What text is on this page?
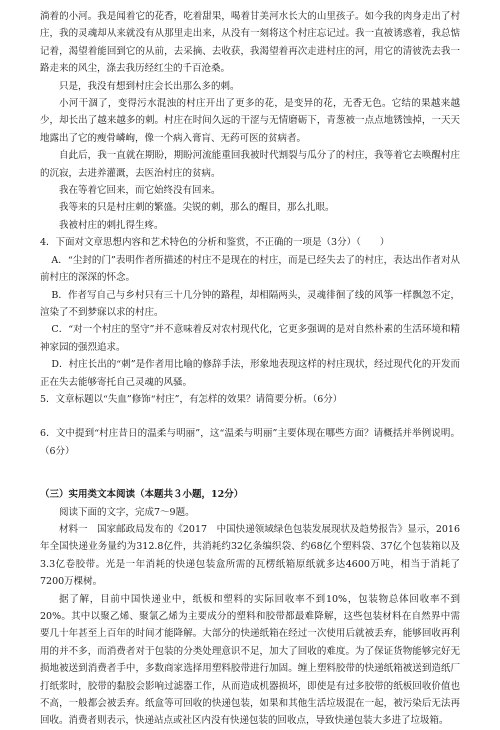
淌着的小河。我是闻着它的花香，吃着甜果，喝着甘美河水长大的山里孩子。如今我的肉身走出了村庄，我的灵魂却从来就没有从那里走出来，从没有一刻将这个村庄忘记过。我一直被诱惑着，我总惦记着，渴望着能回到它的从前，去采摘、去收获，我渴望着再次走进村庄的河，用它的清彼洗去我一路走来的风尘，涤去我历经红尘的千百沧桑。

只是，我没有想到村庄会长出那么多的刺。

小河干涸了，变得污水混浊的村庄开出了更多的花，是变异的花，无香无色。它结的果越来越少，却长出了越来越多的刺。村庄在时间久远的干涩与无情磨砺下，青葱被一点点地锈蚀掉，一天天地露出了它的瘦骨嶙峋，像一个病入膏肓、无药可医的贫病者。

自此后，我一直就在期盼，期盼河流能重回我被时代割裂与瓜分了的村庄，我等着它去唤醒村庄的沉寂，去进养灌溉，去医治村庄的贫病。

我在等着它回来，而它始终没有回来。

我等来的只是村庄刺的繁盛。尖锐的刺，那么的醒目，那么扎眼。

我被村庄的刺扎得生疼。

4．下面对文章思想内容和艺术特色的分析和鉴赏，不正确的一项是（3分）（　　）

A．“尘封的门”表明作者所描述的村庄不是现在的村庄，而是已经失去了的村庄，表达出作者对从前村庄的深深的怀念。

B．作者写自己与乡村只有三十几分钟的路程，却相隔两头，灵魂徘徊了线的风筝一样飘忽不定，渲染了不到梦寐以求的村庄。

C．“对一个村庄的坚守”并不意味着反对农村现代化，它更多强调的是对自然朴素的生活环境和精神家园的强烈追求。

D．村庄长出的“刺”是作者用比喻的修辞手法，形象地表现这样的村庄现状，经过现代化的开发而正在失去能够寄托自己灵魂的风骚。

5．文章标题以“失血”修饰“村庄”，有怎样的效果？请简要分析。（6分）

6．文中提到“村庄昔日的温柔与明丽”，这“温柔与明丽”主要体现在哪些方面？请概括并举例说明。（6分）

（三）实用类文本阅读（本题共３小题，12分）

阅读下面的文字，完成7～9题。

材料一　国家邮政局发布的《2017　中国快递领域绿色包装发展现状及趋势报告》显示，2016年全国快递业务量约为312.8亿件，共消耗约32亿条编织袋、约68亿个塑料袋、37亿个包装箱以及3.3亿卷胶带。光是一年消耗的快递包装盒所需的瓦楞纸箱原纸就多达4600万吨，相当于消耗了7200万棵树。

据了解，目前中国快递业中，纸板和塑料的实际回收率不到10%，包装物总体回收率不到20%。其中以聚乙烯、聚氯乙烯为主要成分的塑料和胶带都最难降解，这些包装材料在自然界中需要几十年甚至上百年的时间才能降解。大部分的快递纸箱在经过一次使用后就被丢弃，能够回收再利用的并不多，而消费者对于包装的分类处理意识不足，加大了回收的难度。为了保证货物能够完好无损地被送到消费者手中，多数商家选择用塑料胶带进行加固。缠上塑料胶带的快递纸箱被送到造纸厂打纸浆时，胶带的黏胶会影响过滤器工作，从而造成机器损坏，即使是有过多胶带的纸板回收价值也不高，一般都会被丢弃。纸盒等可回收的快递包装，如果和其他生活垃圾混在一起，被污染后无法再回收。消费者则表示，快递站点或社区内没有快递包装的回收点，导致快递包装大多进了垃圾箱。
